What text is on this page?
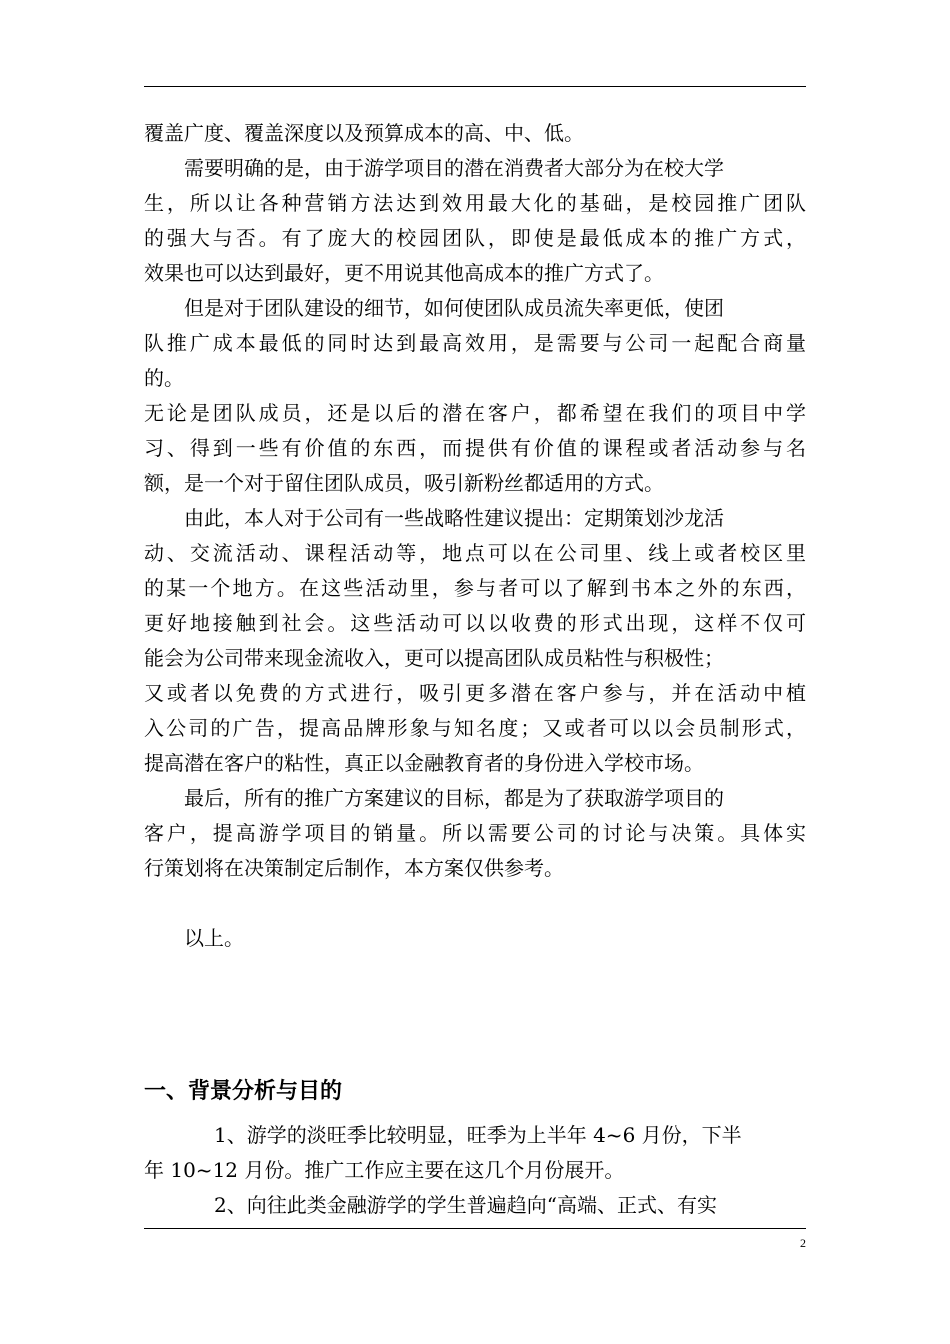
覆盖广度、覆盖深度以及预算成本的高、中、低。
需要明确的是，由于游学项目的潜在消费者大部分为在校大学
生，所以让各种营销方法达到效用最大化的基础，是校园推广团队
的强大与否。有了庞大的校园团队，即使是最低成本的推广方式，
效果也可以达到最好，更不用说其他高成本的推广方式了。
但是对于团队建设的细节，如何使团队成员流失率更低，使团
队推广成本最低的同时达到最高效用，是需要与公司一起配合商量
的。
无论是团队成员，还是以后的潜在客户，都希望在我们的项目中学
习、得到一些有价值的东西，而提供有价值的课程或者活动参与名
额，是一个对于留住团队成员，吸引新粉丝都适用的方式。
由此，本人对于公司有一些战略性建议提出：定期策划沙龙活
动、交流活动、课程活动等，地点可以在公司里、线上或者校区里
的某一个地方。在这些活动里，参与者可以了解到书本之外的东西，
更好地接触到社会。这些活动可以以收费的形式出现，这样不仅可
能会为公司带来现金流收入，更可以提高团队成员粘性与积极性；
又或者以免费的方式进行，吸引更多潜在客户参与，并在活动中植
入公司的广告，提高品牌形象与知名度；又或者可以以会员制形式，
提高潜在客户的粘性，真正以金融教育者的身份进入学校市场。
最后，所有的推广方案建议的目标，都是为了获取游学项目的
客户，提高游学项目的销量。所以需要公司的讨论与决策。具体实
行策划将在决策制定后制作，本方案仅供参考。
以上。
一、背景分析与目的
1、游学的淡旺季比较明显，旺季为上半年 4~6 月份，下半
年 10~12 月份。推广工作应主要在这几个月份展开。
2、向往此类金融游学的学生普遍趋向“高端、正式、有实
2
